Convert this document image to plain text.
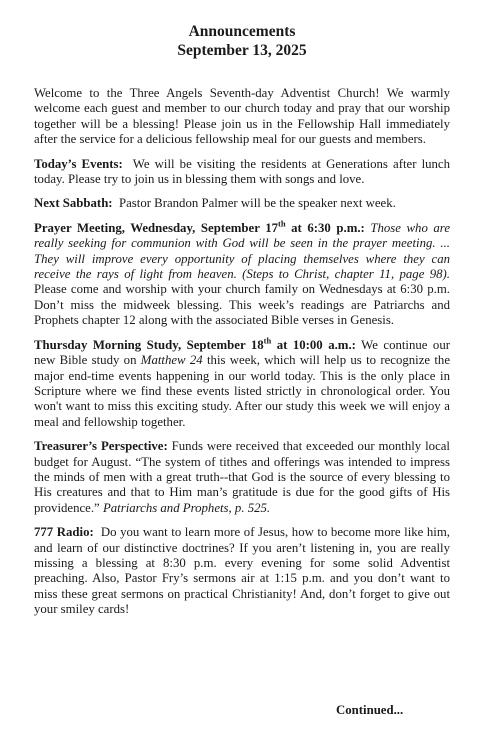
Announcements
September 13, 2025

Welcome to the Three Angels Seventh-day Adventist Church! We warmly welcome each guest and member to our church today and pray that our worship together will be a blessing! Please join us in the Fellowship Hall immediately after the service for a delicious fellowship meal for our guests and members.

Today’s Events: We will be visiting the residents at Generations after lunch today. Please try to join us in blessing them with songs and love.

Next Sabbath: Pastor Brandon Palmer will be the speaker next week.

Prayer Meeting, Wednesday, September 17th at 6:30 p.m.: Those who are really seeking for communion with God will be seen in the prayer meeting. ... They will improve every opportunity of placing themselves where they can receive the rays of light from heaven. (Steps to Christ, chapter 11, page 98). Please come and worship with your church family on Wednesdays at 6:30 p.m. Don’t miss the midweek blessing. This week’s readings are Patriarchs and Prophets chapter 12 along with the associated Bible verses in Genesis.

Thursday Morning Study, September 18th at 10:00 a.m.: We continue our new Bible study on Matthew 24 this week, which will help us to recognize the major end-time events happening in our world today. This is the only place in Scripture where we find these events listed strictly in chronological order. You won't want to miss this exciting study. After our study this week we will enjoy a meal and fellowship together.

Treasurer’s Perspective: Funds were received that exceeded our monthly local budget for August. “The system of tithes and offerings was intended to impress the minds of men with a great truth--that God is the source of every blessing to His creatures and that to Him man’s gratitude is due for the good gifts of His providence.” Patriarchs and Prophets, p. 525.

777 Radio: Do you want to learn more of Jesus, how to become more like him, and learn of our distinctive doctrines? If you aren’t listening in, you are really missing a blessing at 8:30 p.m. every evening for some solid Adventist preaching. Also, Pastor Fry’s sermons air at 1:15 p.m. and you don’t want to miss these great sermons on practical Christianity! And, don’t forget to give out your smiley cards!

Continued...
